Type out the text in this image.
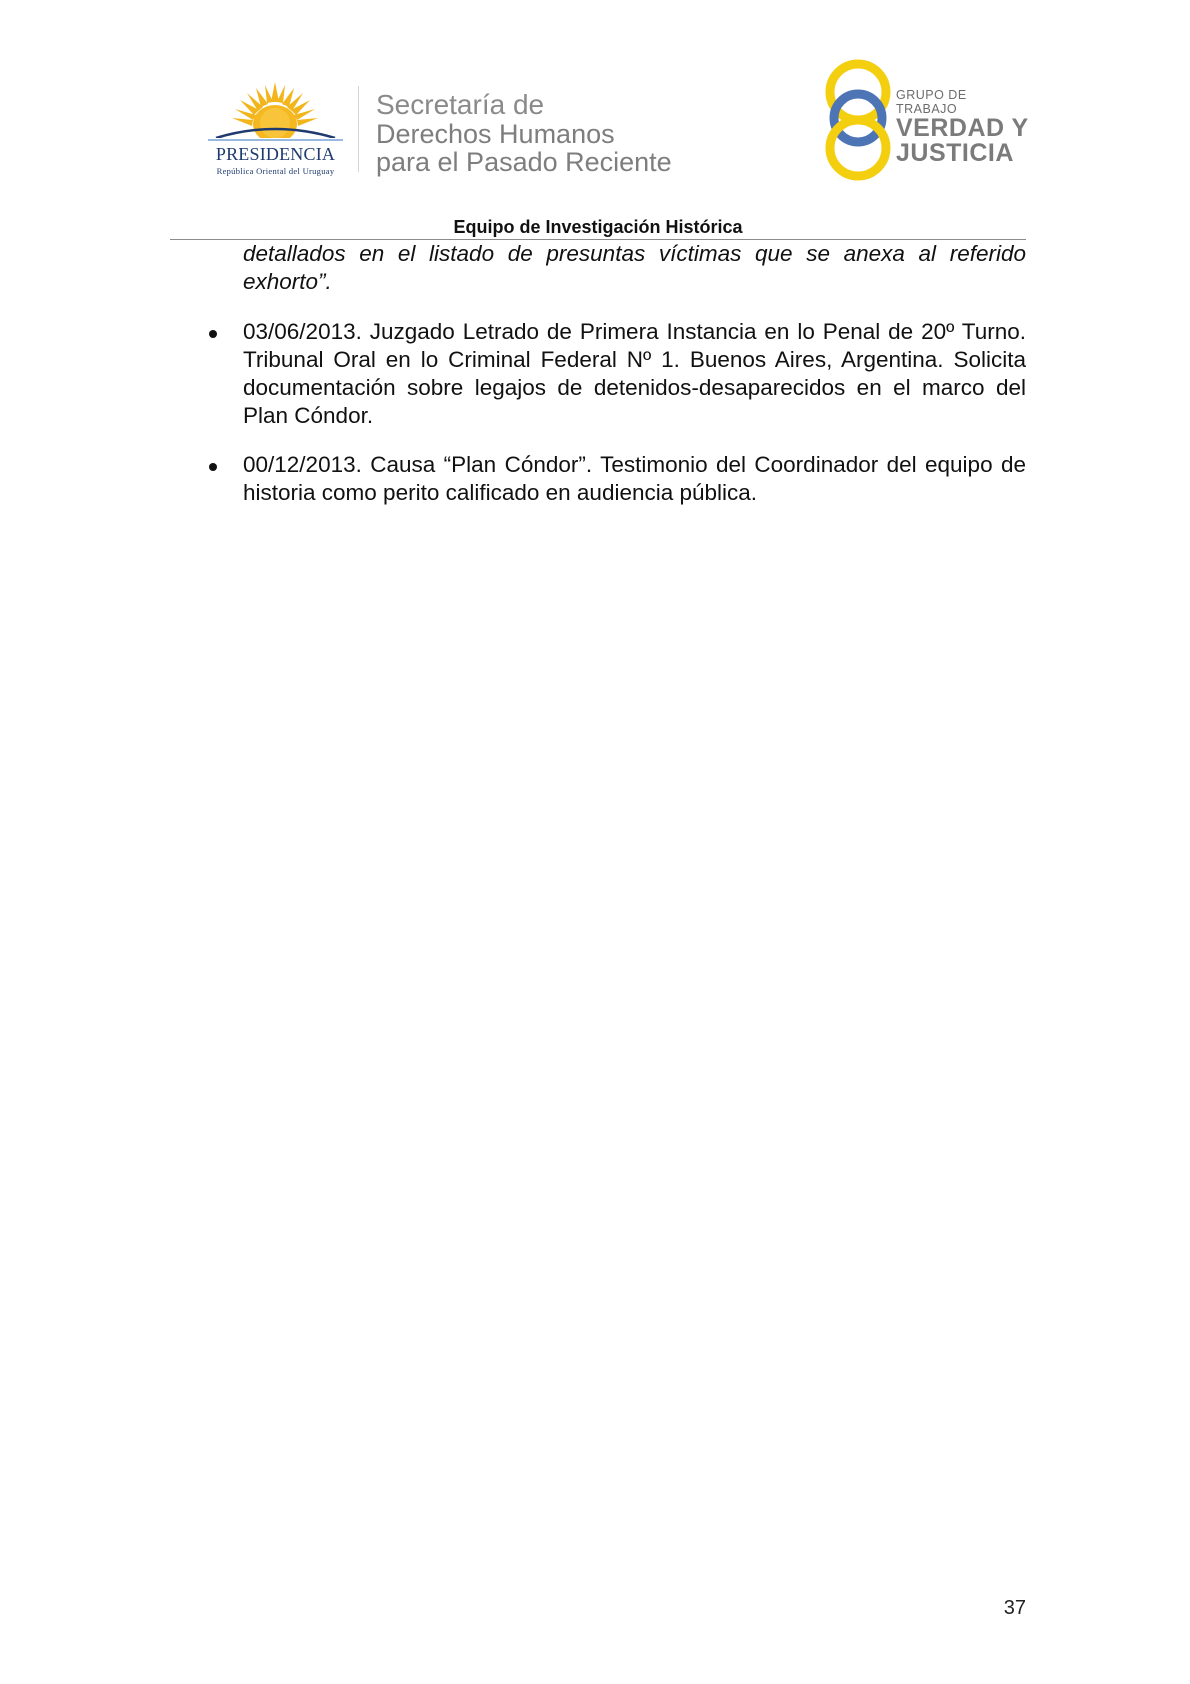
PRESIDENCIA
República Oriental del Uruguay
Secretaría de
Derechos Humanos
para el Pasado Reciente
GRUPO DE TRABAJO
VERDAD Y
JUSTICIA
Equipo de Investigación Histórica

detallados en el listado de presuntas víctimas que se anexa al referido exhorto”.

03/06/2013. Juzgado Letrado de Primera Instancia en lo Penal de 20º Turno. Tribunal Oral en lo Criminal Federal Nº 1. Buenos Aires, Argentina. Solicita documentación sobre legajos de detenidos-desaparecidos en el marco del Plan Cóndor.

00/12/2013. Causa “Plan Cóndor”. Testimonio del Coordinador del equipo de historia como perito calificado en audiencia pública.

37
